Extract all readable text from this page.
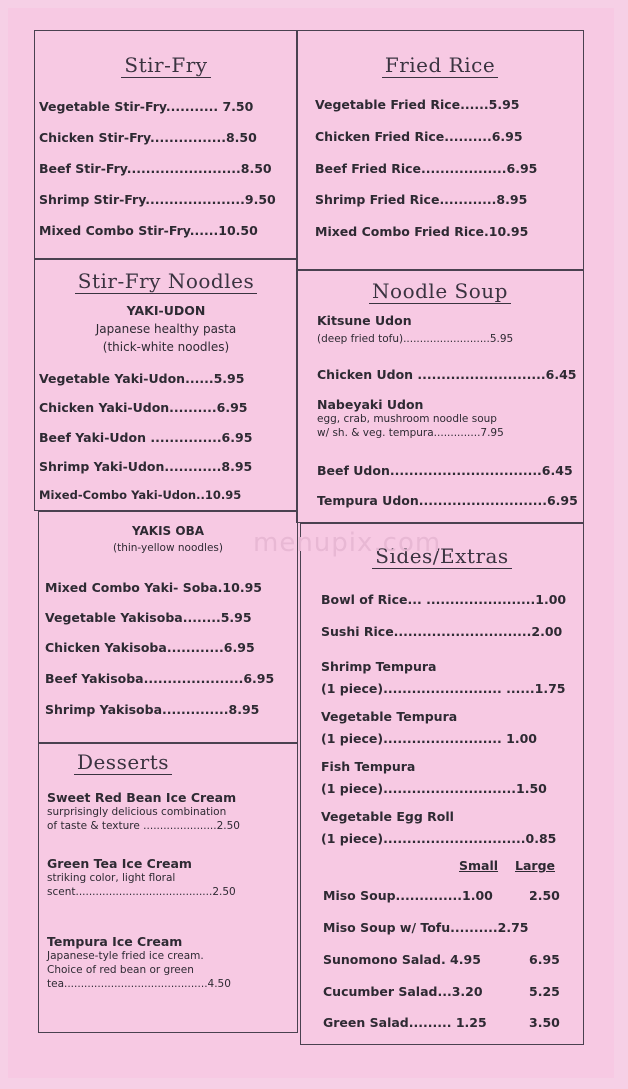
Stir-Fry
Vegetable Stir-Fry........... 7.50
Chicken Stir-Fry................8.50
Beef Stir-Fry........................8.50
Shrimp Stir-Fry.....................9.50
Mixed Combo Stir-Fry......10.50
Stir-Fry Noodles
YAKI-UDON
Japanese healthy pasta
(thick-white noodles)
Vegetable Yaki-Udon......5.95
Chicken Yaki-Udon..........6.95
Beef Yaki-Udon ...............6.95
Shrimp Yaki-Udon............8.95
Mixed-Combo Yaki-Udon..10.95
YAKIS OBA
(thin-yellow noodles)
Mixed Combo Yaki- Soba.10.95
Vegetable Yakisoba........5.95
Chicken Yakisoba............6.95
Beef Yakisoba.....................6.95
Shrimp Yakisoba..............8.95
Desserts
Sweet Red Bean Ice Cream
surprisingly delicious combination
of taste & texture ......................2.50
Green Tea Ice Cream
striking color, light floral
scent.........................................2.50
Tempura Ice Cream
Japanese-tyle fried ice cream.
Choice of red bean or green
tea...........................................4.50
Fried Rice
Vegetable Fried Rice......5.95
Chicken Fried Rice..........6.95
Beef Fried Rice..................6.95
Shrimp Fried Rice............8.95
Mixed Combo Fried Rice.10.95
Noodle Soup
Kitsune Udon
(deep fried tofu)..........................5.95
Chicken Udon ...........................6.45
Nabeyaki Udon
egg, crab, mushroom noodle soup
w/ sh. & veg. tempura..............7.95
Beef Udon................................6.45
Tempura Udon...........................6.95
Sides/Extras
Bowl of Rice... .......................1.00
Sushi Rice.............................2.00
Shrimp Tempura
(1 piece)......................... ......1.75
Vegetable Tempura
(1 piece)......................... 1.00
Fish Tempura
(1 piece)............................1.50
Vegetable Egg Roll
(1 piece)..............................0.85
Small	Large
Miso Soup..............1.00	2.50
Miso Soup w/ Tofu..........2.75
Sunomono Salad. 4.95	6.95
Cucumber Salad...3.20	5.25
Green Salad......... 1.25	3.50
menupix.com
